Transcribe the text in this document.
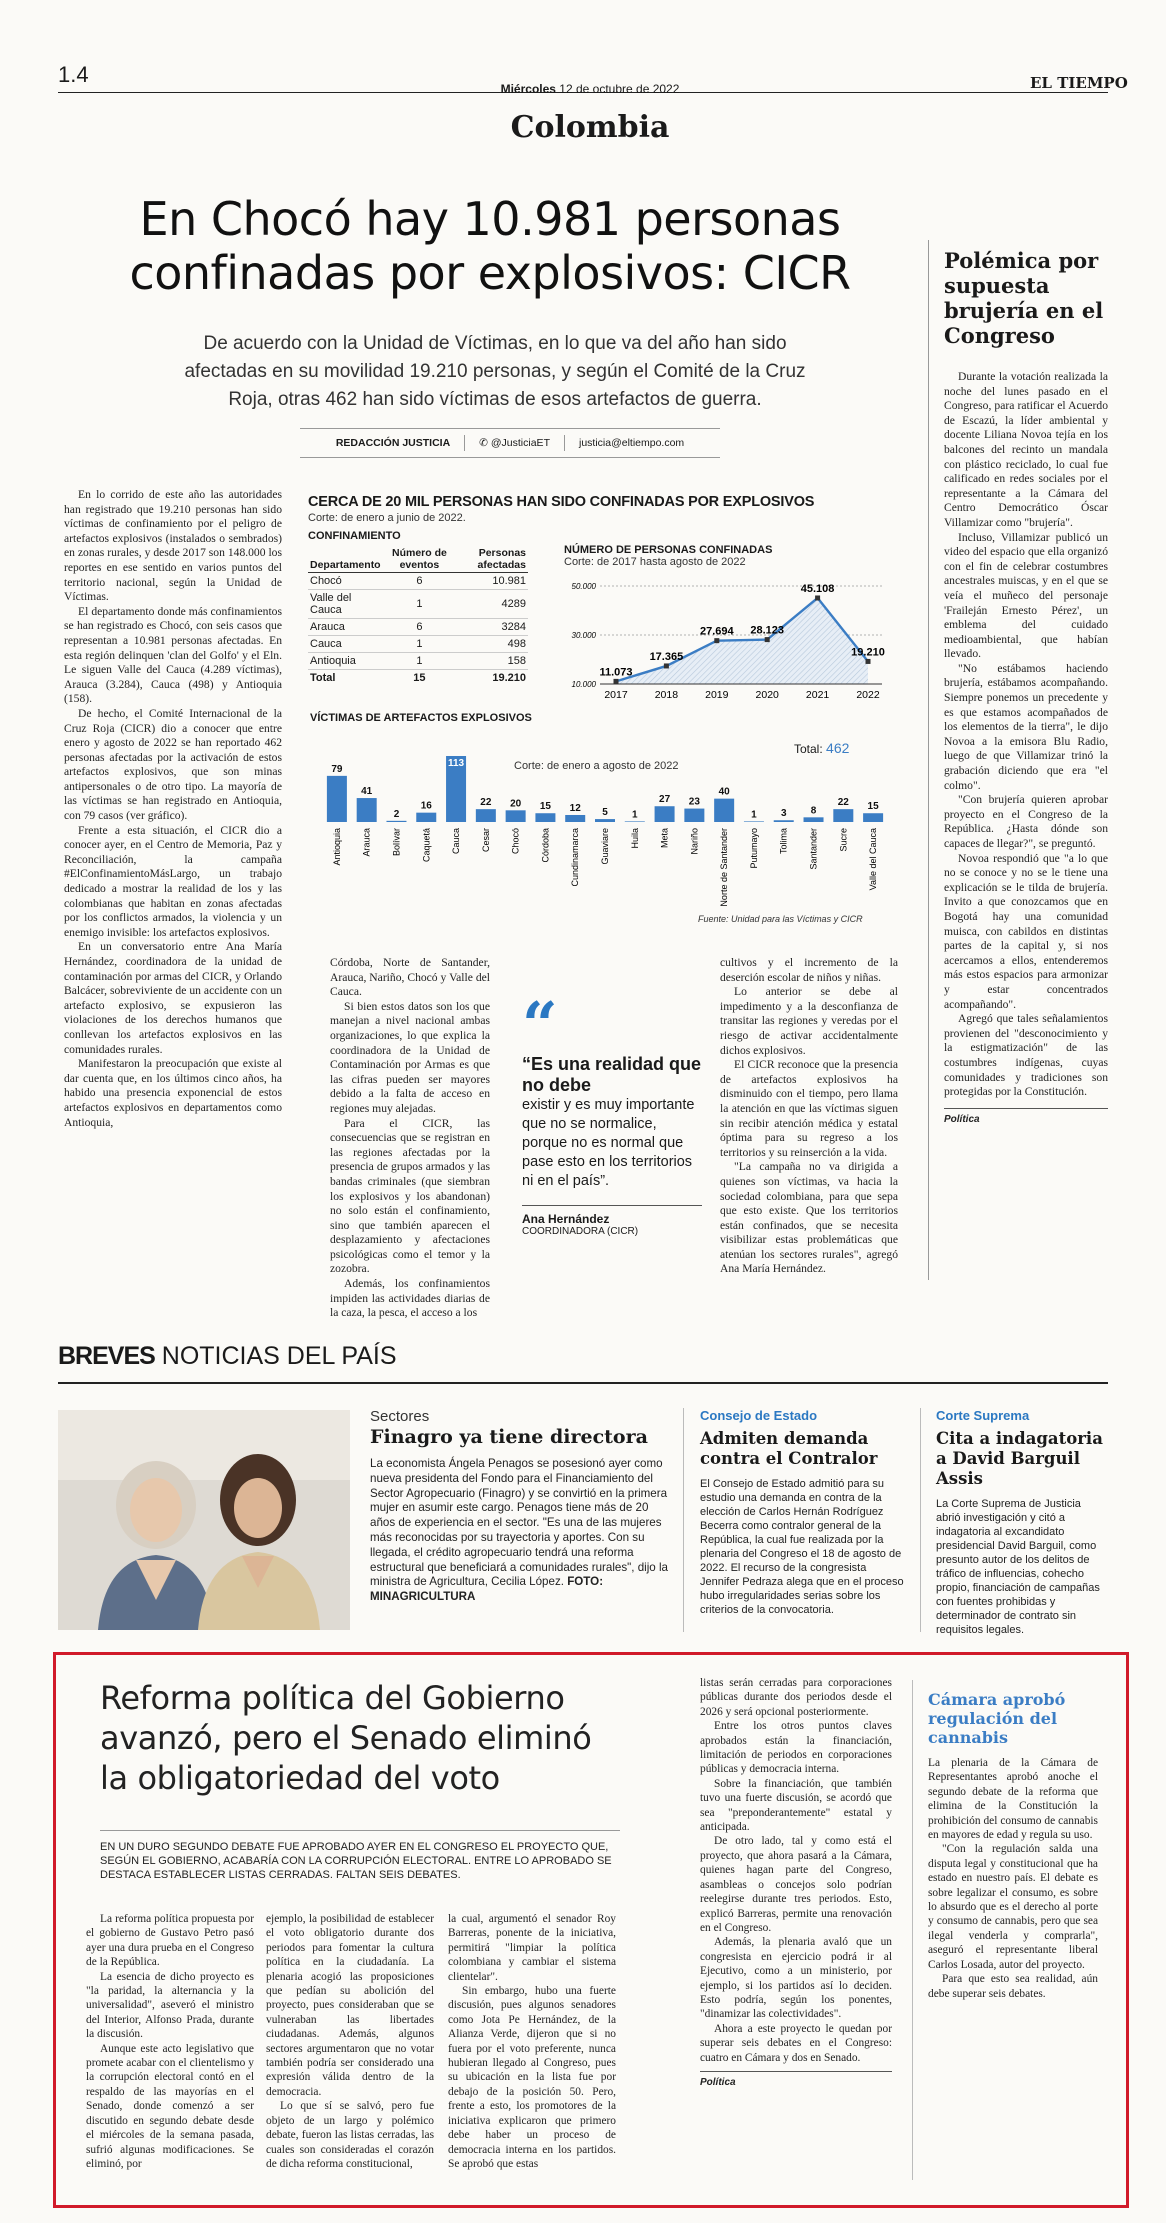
1.4
Miércoles 12 de octubre de 2022
Colombia
EL TIEMPO
En Chocó hay 10.981 personas confinadas por explosivos: CICR
De acuerdo con la Unidad de Víctimas, en lo que va del año han sido afectadas en su movilidad 19.210 personas, y según el Comité de la Cruz Roja, otras 462 han sido víctimas de esos artefactos de guerra.
REDACCIÓN JUSTICIA	✆ @JusticiaET	justicia@eltiempo.com

En lo corrido de este año las autoridades han registrado que 19.210 personas han sido víctimas de confinamiento por el peligro de artefactos explosivos (instalados o sembrados) en zonas rurales, y desde 2017 son 148.000 los reportes en ese sentido en varios puntos del territorio nacional, según la Unidad de Víctimas.

El departamento donde más confinamientos se han registrado es Chocó, con seis casos que representan a 10.981 personas afectadas. En esta región delinquen 'clan del Golfo' y el Eln. Le siguen Valle del Cauca (4.289 víctimas), Arauca (3.284), Cauca (498) y Antioquia (158).

De hecho, el Comité Internacional de la Cruz Roja (CICR) dio a conocer que entre enero y agosto de 2022 se han reportado 462 personas afectadas por la activación de estos artefactos explosivos, que son minas antipersonales o de otro tipo. La mayoría de las víctimas se han registrado en Antioquia, con 79 casos (ver gráfico).

Frente a esta situación, el CICR dio a conocer ayer, en el Centro de Memoria, Paz y Reconciliación, la campaña #ElConfinamientoMásLargo, un trabajo dedicado a mostrar la realidad de los y las colombianas que habitan en zonas afectadas por los conflictos armados, la violencia y un enemigo invisible: los artefactos explosivos.

En un conversatorio entre Ana María Hernández, coordinadora de la unidad de contaminación por armas del CICR, y Orlando Balcácer, sobreviviente de un accidente con un artefacto explosivo, se expusieron las violaciones de los derechos humanos que conllevan los artefactos explosivos en las comunidades rurales.

Manifestaron la preocupación que existe al dar cuenta que, en los últimos cinco años, ha habido una presencia exponencial de estos artefactos explosivos en departamentos como Antioquia,

CERCA DE 20 MIL PERSONAS HAN SIDO CONFINADAS POR EXPLOSIVOS
Corte: de enero a junio de 2022.
CONFINAMIENTO
Departamento	Número de eventos	Personas afectadas
Chocó	6	10.981
Valle del Cauca	1	4289
Arauca	6	3284
Cauca	1	498
Antioquia	1	158
Total	15	19.210
NÚMERO DE PERSONAS CONFINADAS
Corte: de 2017 hasta agosto de 2022
50.000
30.000
10.000
11.073
2017
17.365
2018
27.694
2019
28.123
2020
45.108
2021
19.210
2022
VÍCTIMAS DE ARTEFACTOS EXPLOSIVOS
Corte: de enero a agosto de 2022
Total: 462
79
Antioquia
41
Arauca
2
Bolívar
16
Caquetá
113
Cauca
22
Cesar
20
Chocó
15
Córdoba
12
Cundinamarca
5
Guaviare
1
Huila
27
Meta
23
Nariño
40
Norte de Santander
1
Putumayo
3
Tolima
8
Santander
22
Sucre
15
Valle del Cauca
Fuente: Unidad para las Víctimas y CICR

Córdoba, Norte de Santander, Arauca, Nariño, Chocó y Valle del Cauca.

Si bien estos datos son los que manejan a nivel nacional ambas organizaciones, lo que explica la coordinadora de la Unidad de Contaminación por Armas es que las cifras pueden ser mayores debido a la falta de acceso en regiones muy alejadas.

Para el CICR, las consecuencias que se registran en las regiones afectadas por la presencia de grupos armados y las bandas criminales (que siembran los explosivos y los abandonan) no solo están el confinamiento, sino que también aparecen el desplazamiento y afectaciones psicológicas como el temor y la zozobra.

Además, los confinamientos impiden las actividades diarias de la caza, la pesca, el acceso a los

“
“Es una realidad que no debe
existir y es muy importante que no se normalice, porque no es normal que pase esto en los territorios ni en el país”.
Ana Hernández
COORDINADORA (CICR)

cultivos y el incremento de la deserción escolar de niños y niñas.

Lo anterior se debe al impedimento y a la desconfianza de transitar las regiones y veredas por el riesgo de activar accidentalmente dichos explosivos.

El CICR reconoce que la presencia de artefactos explosivos ha disminuido con el tiempo, pero llama la atención en que las víctimas siguen sin recibir atención médica y estatal óptima para su regreso a los territorios y su reinserción a la vida.

"La campaña no va dirigida a quienes son víctimas, va hacia la sociedad colombiana, para que sepa que esto existe. Que los territorios están confinados, que se necesita visibilizar estas problemáticas que atenúan los sectores rurales", agregó Ana María Hernández.

Polémica por supuesta brujería en el Congreso

Durante la votación realizada la noche del lunes pasado en el Congreso, para ratificar el Acuerdo de Escazú, la líder ambiental y docente Liliana Novoa tejía en los balcones del recinto un mandala con plástico reciclado, lo cual fue calificado en redes sociales por el representante a la Cámara del Centro Democrático Óscar Villamizar como "brujería".

Incluso, Villamizar publicó un video del espacio que ella organizó con el fin de celebrar costumbres ancestrales muiscas, y en el que se veía el muñeco del personaje 'Fraileján Ernesto Pérez', un emblema del cuidado medioambiental, que habían llevado.

"No estábamos haciendo brujería, estábamos acompañando. Siempre ponemos un precedente y es que estamos acompañados de los elementos de la tierra", le dijo Novoa a la emisora Blu Radio, luego de que Villamizar trinó la grabación diciendo que era "el colmo".

"Con brujería quieren aprobar proyecto en el Congreso de la República. ¿Hasta dónde son capaces de llegar?", se preguntó.

Novoa respondió que "a lo que no se conoce y no se le tiene una explicación se le tilda de brujería. Invito a que conozcamos que en Bogotá hay una comunidad muisca, con cabildos en distintas partes de la capital y, si nos acercamos a ellos, entenderemos más estos espacios para armonizar y estar concentrados acompañando".

Agregó que tales señalamientos provienen del "desconocimiento y la estigmatización" de las costumbres indígenas, cuyas comunidades y tradiciones son protegidas por la Constitución.

Política
BREVES NOTICIAS DEL PAÍS
Sectores
Finagro ya tiene directora
La economista Ángela Penagos se posesionó ayer como nueva presidenta del Fondo para el Financiamiento del Sector Agropecuario (Finagro) y se convirtió en la primera mujer en asumir este cargo. Penagos tiene más de 20 años de experiencia en el sector. "Es una de las mujeres más reconocidas por su trayectoria y aportes. Con su llegada, el crédito agropecuario tendrá una reforma estructural que beneficiará a comunidades rurales", dijo la ministra de Agricultura, Cecilia López. FOTO: MINAGRICULTURA
Consejo de Estado
Admiten demanda contra el Contralor
El Consejo de Estado admitió para su estudio una demanda en contra de la elección de Carlos Hernán Rodríguez Becerra como contralor general de la República, la cual fue realizada por la plenaria del Congreso el 18 de agosto de 2022. El recurso de la congresista Jennifer Pedraza alega que en el proceso hubo irregularidades serias sobre los criterios de la convocatoria.
Corte Suprema
Cita a indagatoria a David Barguil Assis
La Corte Suprema de Justicia abrió investigación y citó a indagatoria al excandidato presidencial David Barguil, como presunto autor de los delitos de tráfico de influencias, cohecho propio, financiación de campañas con fuentes prohibidas y determinador de contrato sin requisitos legales.
Reforma política del Gobierno avanzó, pero el Senado eliminó la obligatoriedad del voto
EN UN DURO SEGUNDO DEBATE FUE APROBADO AYER EN EL CONGRESO EL PROYECTO QUE, SEGÚN EL GOBIERNO, ACABARÍA CON LA CORRUPCIÓN ELECTORAL. ENTRE LO APROBADO SE DESTACA ESTABLECER LISTAS CERRADAS. FALTAN SEIS DEBATES.

La reforma política propuesta por el gobierno de Gustavo Petro pasó ayer una dura prueba en el Congreso de la República.

La esencia de dicho proyecto es "la paridad, la alternancia y la universalidad", aseveró el ministro del Interior, Alfonso Prada, durante la discusión.

Aunque este acto legislativo que promete acabar con el clientelismo y la corrupción electoral contó en el respaldo de las mayorías en el Senado, donde comenzó a ser discutido en segundo debate desde el miércoles de la semana pasada, sufrió algunas modificaciones. Se eliminó, por

ejemplo, la posibilidad de establecer el voto obligatorio durante dos periodos para fomentar la cultura política en la ciudadanía. La plenaria acogió las proposiciones que pedían su abolición del proyecto, pues consideraban que se vulneraban las libertades ciudadanas. Además, algunos sectores argumentaron que no votar también podría ser considerado una expresión válida dentro de la democracia.

Lo que sí se salvó, pero fue objeto de un largo y polémico debate, fueron las listas cerradas, las cuales son consideradas el corazón de dicha reforma constitucional,

la cual, argumentó el senador Roy Barreras, ponente de la iniciativa, permitirá "limpiar la política colombiana y cambiar el sistema clientelar".

Sin embargo, hubo una fuerte discusión, pues algunos senadores como Jota Pe Hernández, de la Alianza Verde, dijeron que si no fuera por el voto preferente, nunca hubieran llegado al Congreso, pues su ubicación en la lista fue por debajo de la posición 50. Pero, frente a esto, los promotores de la iniciativa explicaron que primero debe haber un proceso de democracia interna en los partidos. Se aprobó que estas

listas serán cerradas para corporaciones públicas durante dos periodos desde el 2026 y será opcional posteriormente.

Entre los otros puntos claves aprobados están la financiación, limitación de periodos en corporaciones públicas y democracia interna.

Sobre la financiación, que también tuvo una fuerte discusión, se acordó que sea "preponderantemente" estatal y anticipada.

De otro lado, tal y como está el proyecto, que ahora pasará a la Cámara, quienes hagan parte del Congreso, asambleas o concejos solo podrían reelegirse durante tres periodos. Esto, explicó Barreras, permite una renovación en el Congreso.

Además, la plenaria avaló que un congresista en ejercicio podrá ir al Ejecutivo, como a un ministerio, por ejemplo, si los partidos así lo deciden. Esto podría, según los ponentes, "dinamizar las colectividades".

Ahora a este proyecto le quedan por superar seis debates en el Congreso: cuatro en Cámara y dos en Senado.

Política
Cámara aprobó regulación del cannabis

La plenaria de la Cámara de Representantes aprobó anoche el segundo debate de la reforma que elimina de la Constitución la prohibición del consumo de cannabis en mayores de edad y regula su uso.

"Con la regulación salda una disputa legal y constitucional que ha estado en nuestro país. El debate es sobre legalizar el consumo, es sobre lo absurdo que es el derecho al porte y consumo de cannabis, pero que sea ilegal venderla y comprarla", aseguró el representante liberal Carlos Losada, autor del proyecto.

Para que esto sea realidad, aún debe superar seis debates.
